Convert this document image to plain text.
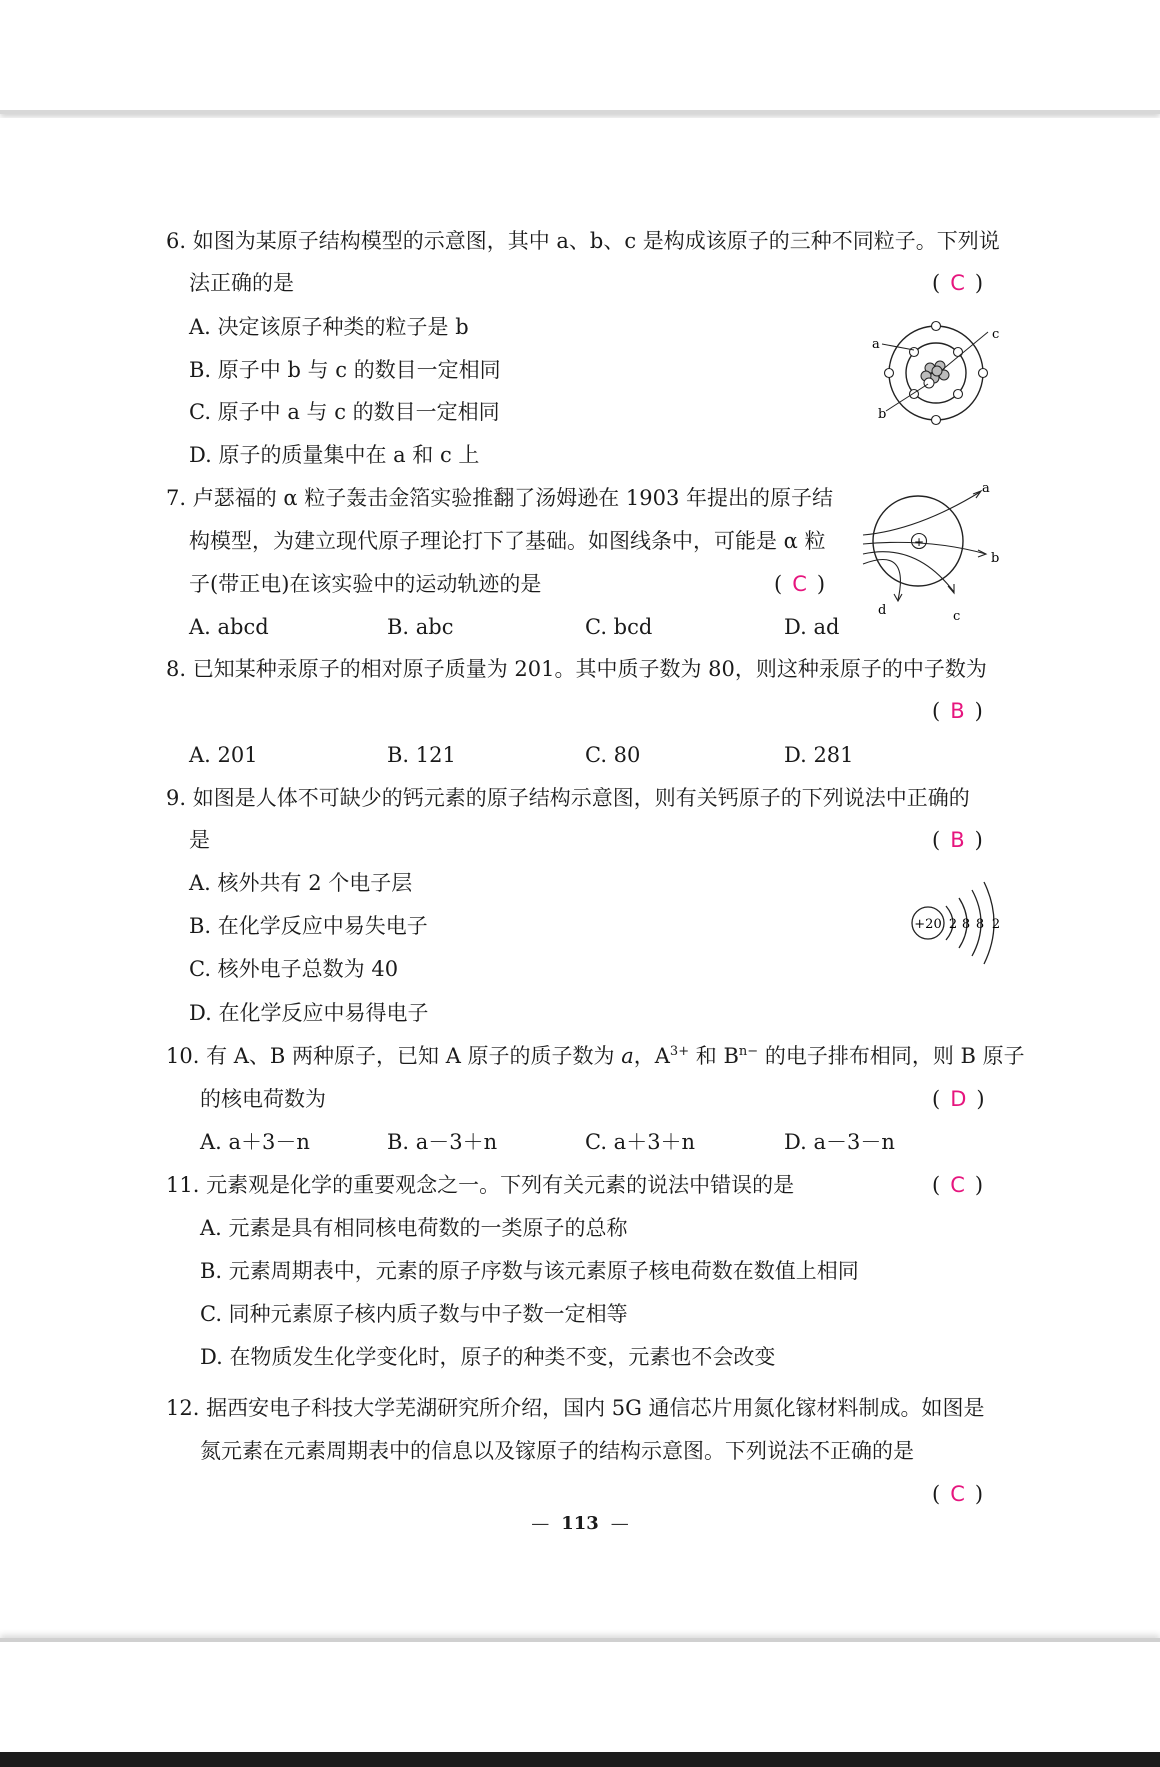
6. 如图为某原子结构模型的示意图，其中 a、b、c 是构成该原子的三种不同粒子。下列说
法正确的是	( C )
A. 决定该原子种类的粒子是 b
B. 原子中 b 与 c 的数目一定相同
C. 原子中 a 与 c 的数目一定相同
D. 原子的质量集中在 a 和 c 上
a
c
b
7. 卢瑟福的 α 粒子轰击金箔实验推翻了汤姆逊在 1903 年提出的原子结
构模型，为建立现代原子理论打下了基础。如图线条中，可能是 α 粒
子(带正电)在该实验中的运动轨迹的是	( C )
A. abcd	B. abc	C. bcd	D. ad
+
a
b
c
d
8. 已知某种汞原子的相对原子质量为 201。其中质子数为 80，则这种汞原子的中子数为
( B )
A. 201	B. 121	C. 80	D. 281
9. 如图是人体不可缺少的钙元素的原子结构示意图，则有关钙原子的下列说法中正确的
是	( B )
A. 核外共有 2 个电子层
B. 在化学反应中易失电子
C. 核外电子总数为 40
D. 在化学反应中易得电子
+20 2 8 8 2
10. 有 A、B 两种原子，已知 A 原子的质子数为 a，$A^{3+}$ 和 $B^{n-}$ 的电子排布相同，则 B 原子
的核电荷数为	( D )
A. a＋3－n	B. a－3＋n	C. a＋3＋n	D. a－3－n
11. 元素观是化学的重要观念之一。下列有关元素的说法中错误的是	( C )
A. 元素是具有相同核电荷数的一类原子的总称
B. 元素周期表中，元素的原子序数与该元素原子核电荷数在数值上相同
C. 同种元素原子核内质子数与中子数一定相等
D. 在物质发生化学变化时，原子的种类不变，元素也不会改变
12. 据西安电子科技大学芜湖研究所介绍，国内 5G 通信芯片用氮化镓材料制成。如图是
氮元素在元素周期表中的信息以及镓原子的结构示意图。下列说法不正确的是
( C )
— 113 —
